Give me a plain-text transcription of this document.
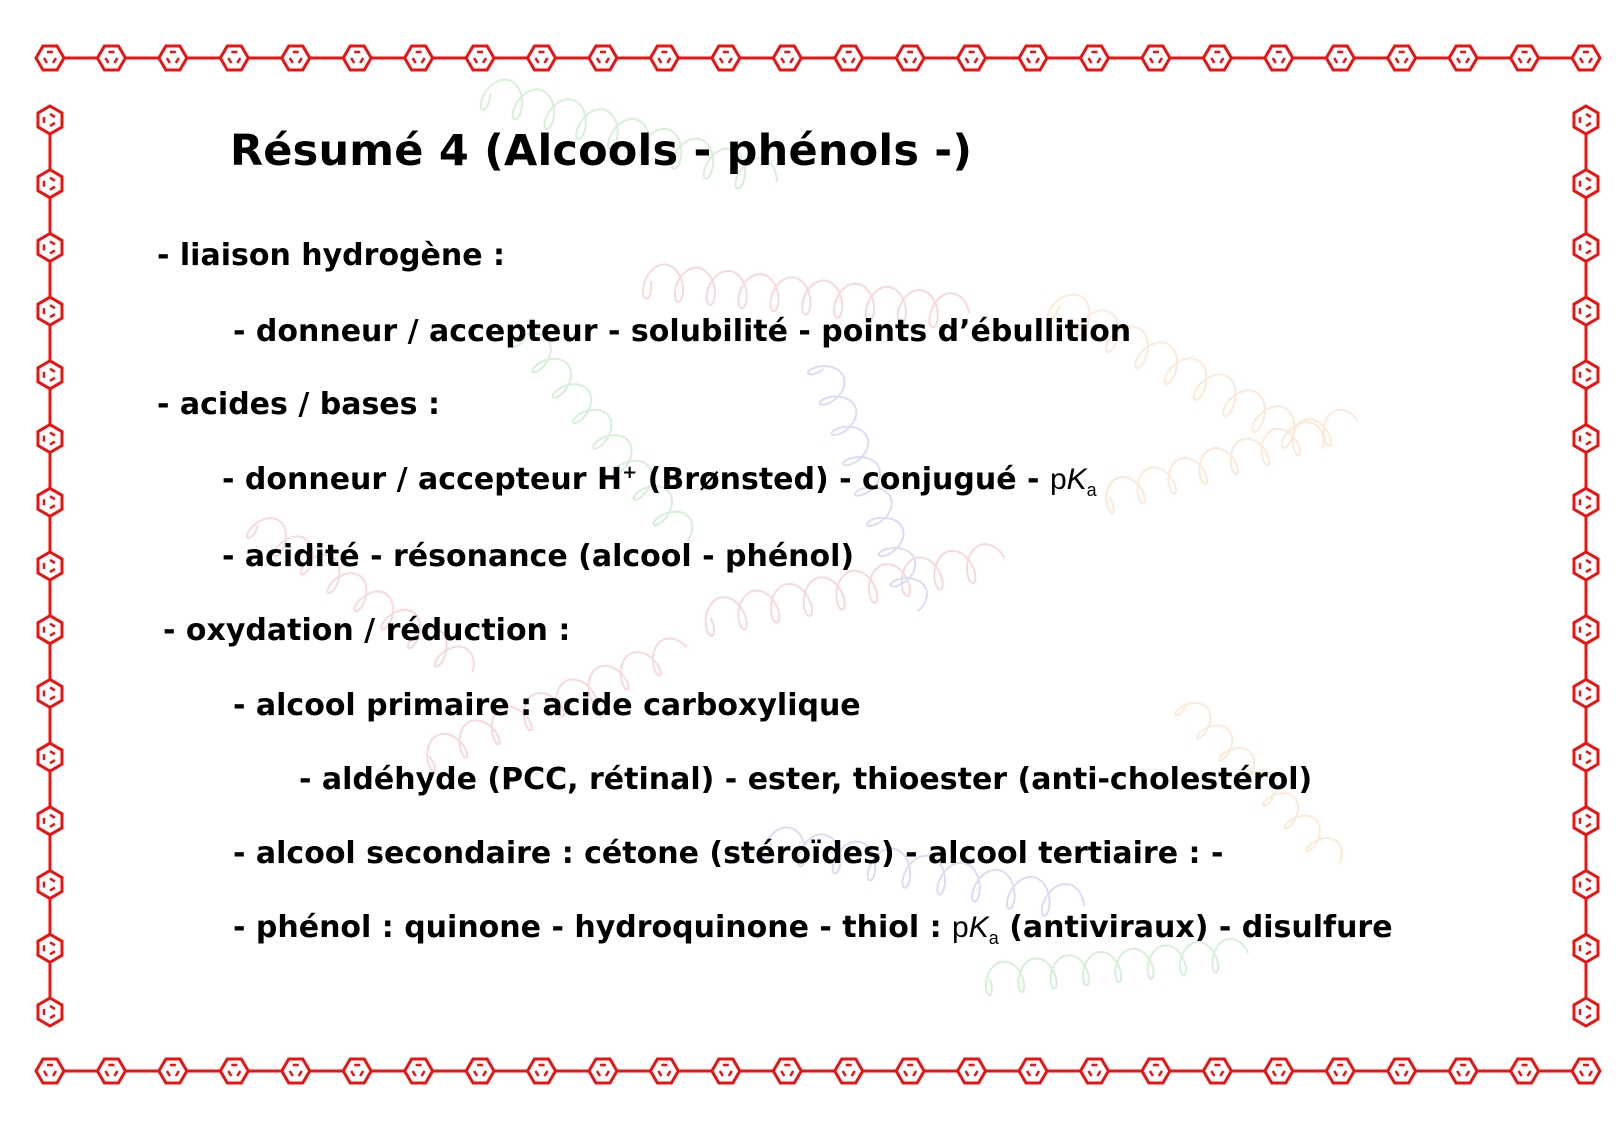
Résumé 4 (Alcools - phénols -)
- liaison hydrogène :
- donneur / accepteur - solubilité - points d’ébullition
- acides / bases :
- donneur / accepteur H+ (Brønsted) - conjugué - $pK_a$
- acidité - résonance (alcool - phénol)
- oxydation / réduction :
- alcool primaire : acide carboxylique
- aldéhyde (PCC, rétinal) - ester, thioester (anti-cholestérol)
- alcool secondaire : cétone (stéroïdes) - alcool tertiaire : -
- phénol : quinone - hydroquinone - thiol : $pK_a$ (antiviraux) - disulfure
